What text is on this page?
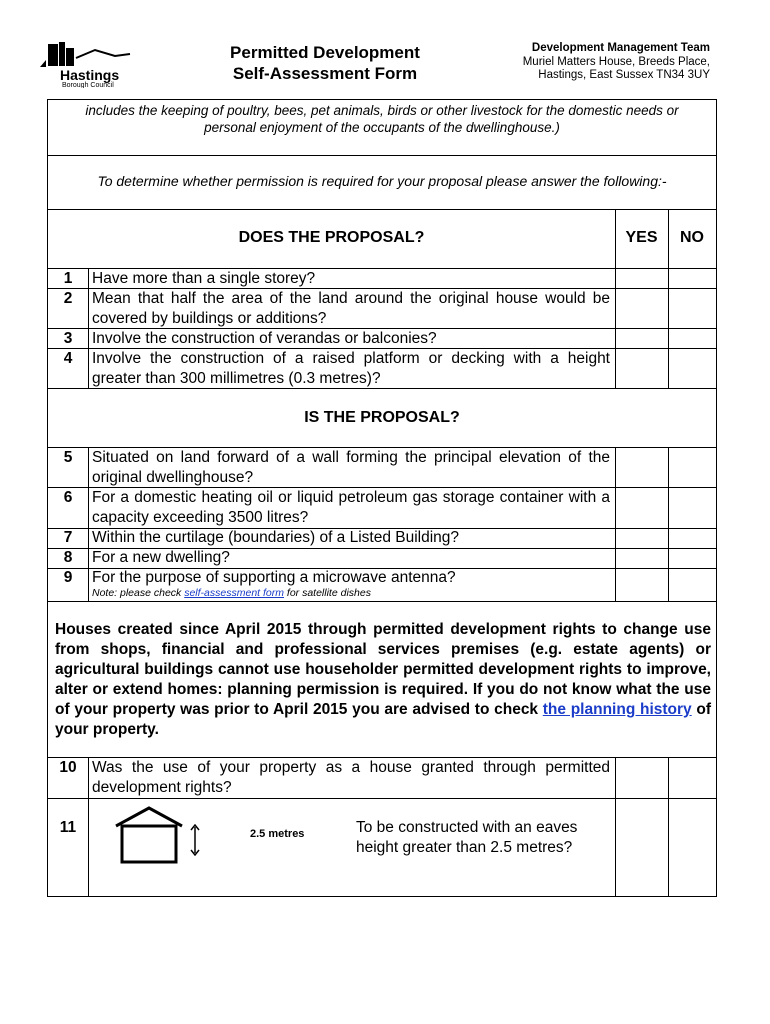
Hastings
Borough Council
Permitted Development
Self-Assessment Form
Development Management Team
Muriel Matters House, Breeds Place,
Hastings, East Sussex TN34 3UY
includes the keeping of poultry, bees, pet animals, birds or other livestock for the domestic needs or personal enjoyment of the occupants of the dwellinghouse.)
To determine whether permission is required for your proposal please answer the following:-
DOES THE PROPOSAL?	YES	NO
1	Have more than a single storey?
2	Mean that half the area of the land around the original house would be covered by buildings or additions?
3	Involve the construction of verandas or balconies?
4	Involve the construction of a raised platform or decking with a height greater than 300 millimetres (0.3 metres)?
IS THE PROPOSAL?
5	Situated on land forward of a wall forming the principal elevation of the original dwellinghouse?
6	For a domestic heating oil or liquid petroleum gas storage container with a capacity exceeding 3500 litres?
7	Within the curtilage (boundaries) of a Listed Building?
8	For a new dwelling?
9	For the purpose of supporting a microwave antenna?
Note: please check self-assessment form for satellite dishes
Houses created since April 2015 through permitted development rights to change use from shops, financial and professional services premises (e.g. estate agents) or agricultural buildings cannot use householder permitted development rights to improve, alter or extend homes: planning permission is required. If you do not know what the use of your property was prior to April 2015 you are advised to check the planning history of your property.
10 Was the use of your property as a house granted through permitted development rights?
11	2.5 metres	To be constructed with an eaves height greater than 2.5 metres?
